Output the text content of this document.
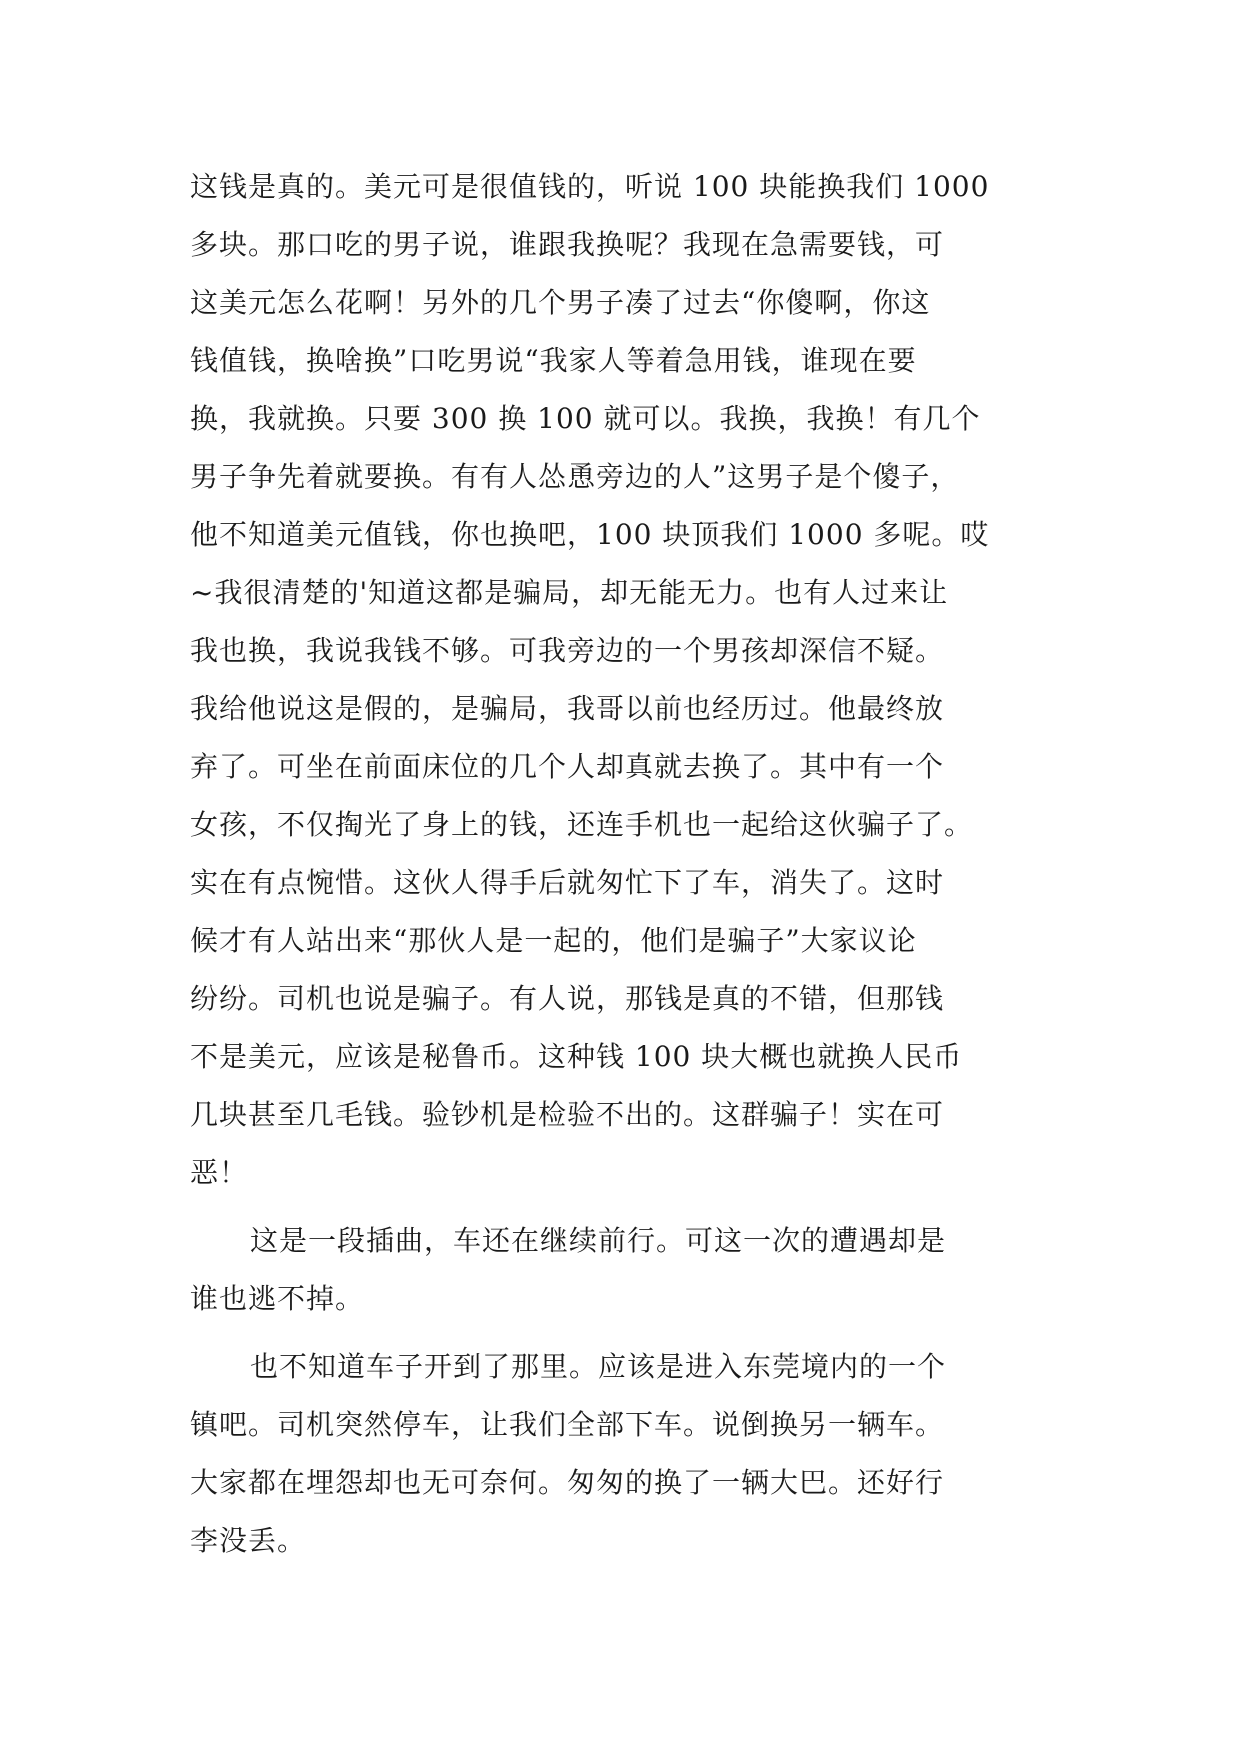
这钱是真的。美元可是很值钱的，听说 100 块能换我们 1000
多块。那口吃的男子说，谁跟我换呢？我现在急需要钱，可
这美元怎么花啊！另外的几个男子凑了过去“你傻啊，你这
钱值钱，换啥换”口吃男说“我家人等着急用钱，谁现在要
换，我就换。只要 300 换 100 就可以。我换，我换！有几个
男子争先着就要换。有有人怂恿旁边的人”这男子是个傻子，
他不知道美元值钱，你也换吧，100 块顶我们 1000 多呢。哎
~我很清楚的'知道这都是骗局，却无能无力。也有人过来让
我也换，我说我钱不够。可我旁边的一个男孩却深信不疑。
我给他说这是假的，是骗局，我哥以前也经历过。他最终放
弃了。可坐在前面床位的几个人却真就去换了。其中有一个
女孩，不仅掏光了身上的钱，还连手机也一起给这伙骗子了。
实在有点惋惜。这伙人得手后就匆忙下了车，消失了。这时
候才有人站出来“那伙人是一起的，他们是骗子”大家议论
纷纷。司机也说是骗子。有人说，那钱是真的不错，但那钱
不是美元，应该是秘鲁币。这种钱 100 块大概也就换人民币
几块甚至几毛钱。验钞机是检验不出的。这群骗子！实在可
恶！
这是一段插曲，车还在继续前行。可这一次的遭遇却是
谁也逃不掉。
也不知道车子开到了那里。应该是进入东莞境内的一个
镇吧。司机突然停车，让我们全部下车。说倒换另一辆车。
大家都在埋怨却也无可奈何。匆匆的换了一辆大巴。还好行
李没丢。
